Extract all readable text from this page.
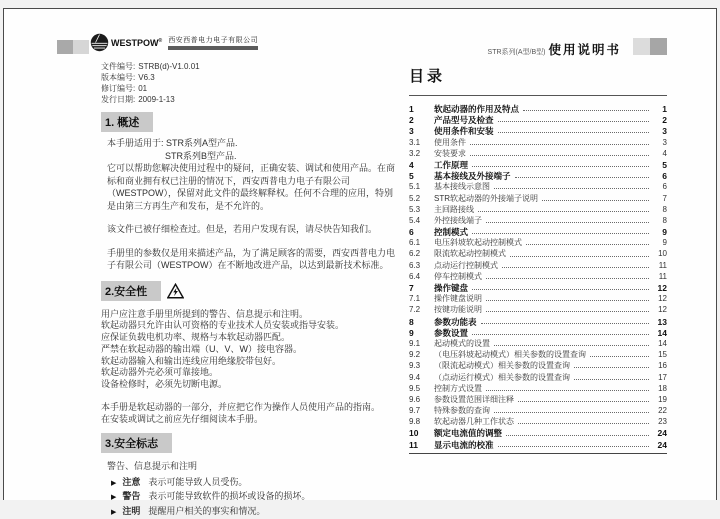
WESTPOW® 西安西普电力电子有限公司
STR系列(A型/B型) 使用说明书
文件编号: STRB(d)-V1.0.01
版本编号: V6.3
修订编号: 01
发行日期: 2009-1-13
1. 概述
本手册适用于: STR系列A型产品.
STR系列B型产品.
它可以帮助您解决使用过程中的疑问，正确安装、调试和使用产品。在商标和商业拥有权已注册的情况下，西安西普电力电子有限公司（WESTPOW），保留对此文件的最终解释权。任何不合理的应用，特别是由第三方再生产和发布，是不允许的。
该文件已被仔细检查过。但是，若用户发现有误，请尽快告知我们。
手册里的参数仅是用来描述产品，为了满足顾客的需要，西安西普电力电子有限公司（WESTPOW）在不断地改进产品，以达到最新技术标准。
2.安全性
用户应注意手册里所提到的警告、信息提示和注明。
软起动器只允许由认可资格的专业技术人员安装或指导安装。
应保证负载电机功率、规格与本软起动器匹配。
严禁在软起动器的输出端（U、V、W）接电容器。
软起动器输入和输出连线应用绝缘胶带包好。
软起动器外壳必须可靠接地。
设备检修时，必须先切断电源。
本手册是软起动器的一部分，并应把它作为操作人员使用产品的指南。
在安装或调试之前应先仔细阅读本手册。
3.安全标志
警告、信息提示和注明
▶ 注意 表示可能导致人员受伤。
▶ 警告 表示可能导致软件的损坏或设备的损坏。
▶ 注明 提醒用户相关的事实和情况。
目录
1	软起动器的作用及特点	1
2	产品型号及检查	2
3	使用条件和安装	3
3.1	使用条件	3
3.2	安装要求	4
4	工作原理	5
5	基本接线及外接端子	6
5.1	基本接线示意图	6
5.2	STR软起动器的外接端子说明	7
5.3	主回路接线	8
5.4	外控接线端子	8
6	控制模式	9
6.1	电压斜坡软起动控制模式	9
6.2	限流软起动控制模式	10
6.3	点动运行控制模式	11
6.4	停车控制模式	11
7	操作键盘	12
7.1	操作键盘说明	12
7.2	按键功能说明	12
8	参数功能表	13
9	参数设置	14
9.1	起动模式的设置	14
9.2	（电压斜坡起动模式）相关参数的设置查询	15
9.3	（限流起动模式）相关参数的设置查询	16
9.4	（点动运行模式）相关参数的设置查询	17
9.5	控制方式设置	18
9.6	参数设置范围详细注释	19
9.7	特殊参数的查询	22
9.8	软起动器几种工作状态	23
10	额定电流值的调整	24
11	显示电流的校准	24
